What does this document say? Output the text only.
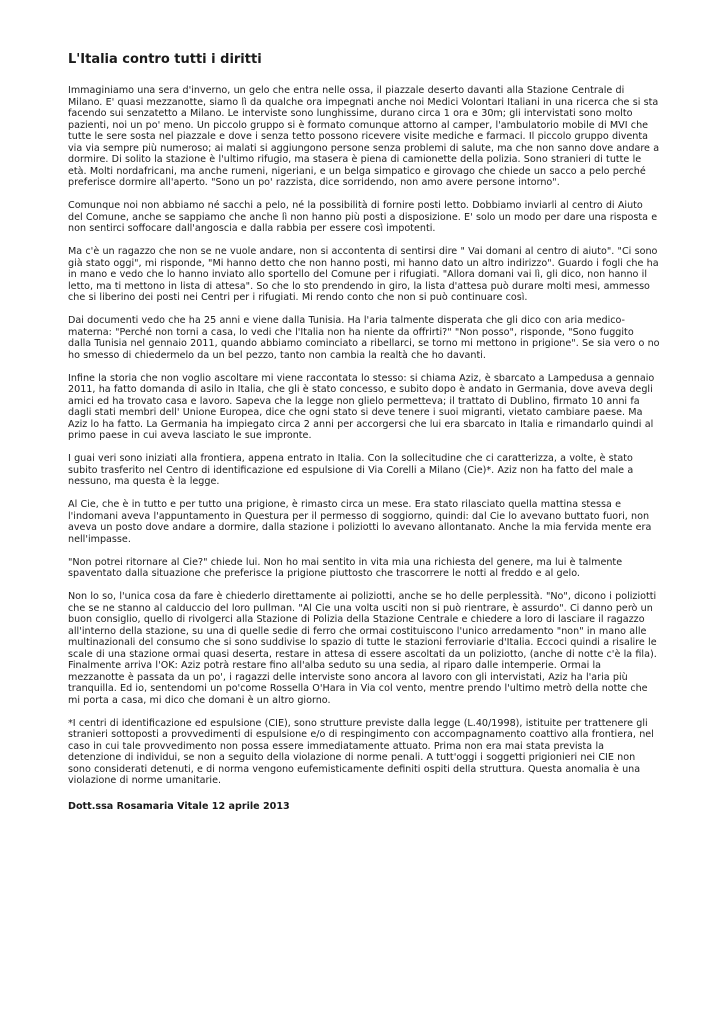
L'Italia contro tutti i diritti

Immaginiamo una sera d'inverno, un gelo che entra nelle ossa, il piazzale deserto davanti alla Stazione Centrale di Milano. E' quasi mezzanotte, siamo lì da qualche ora impegnati anche noi Medici Volontari Italiani in una ricerca che si sta facendo sui senzatetto a Milano. Le interviste sono lunghissime, durano circa 1 ora e 30m; gli intervistati sono molto pazienti, noi un po' meno. Un piccolo gruppo si è formato comunque attorno al camper, l'ambulatorio mobile di MVI che tutte le sere sosta nel piazzale e dove i senza tetto possono ricevere visite mediche e farmaci. Il piccolo gruppo diventa via via sempre più numeroso; ai malati si aggiungono persone senza problemi di salute, ma che non sanno dove andare a dormire. Di solito la stazione è l'ultimo rifugio, ma stasera è piena di camionette della polizia. Sono stranieri di tutte le età. Molti nordafricani, ma anche rumeni, nigeriani, e un belga simpatico e girovago che chiede un sacco a pelo perché preferisce dormire all'aperto. "Sono un po' razzista, dice sorridendo, non amo avere persone intorno".

Comunque noi non abbiamo né sacchi a pelo, né la possibilità di fornire posti letto. Dobbiamo inviarli al centro di Aiuto del Comune, anche se sappiamo che anche lì non hanno più posti a disposizione. E' solo un modo per dare una risposta e non sentirci soffocare dall'angoscia e dalla rabbia per essere così impotenti.

Ma c'è un ragazzo che non se ne vuole andare, non si accontenta di sentirsi dire " Vai domani al centro di aiuto". "Ci sono già stato oggi", mi risponde, "Mi hanno detto che non hanno posti, mi hanno dato un altro indirizzo". Guardo i fogli che ha in mano e vedo che lo hanno inviato allo sportello del Comune per i rifugiati. "Allora domani vai lì, gli dico, non hanno il letto, ma ti mettono in lista di attesa". So che lo sto prendendo in giro, la lista d'attesa può durare molti mesi, ammesso che si liberino dei posti nei Centri per i rifugiati. Mi rendo conto che non si può continuare così.

Dai documenti vedo che ha 25 anni e viene dalla Tunisia. Ha l'aria talmente disperata che gli dico con aria medico-materna: "Perché non torni a casa, lo vedi che l'Italia non ha niente da offrirti?" "Non posso", risponde, "Sono fuggito dalla Tunisia nel gennaio 2011, quando abbiamo cominciato a ribellarci, se torno mi mettono in prigione". Se sia vero o no ho smesso di chiedermelo da un bel pezzo, tanto non cambia la realtà che ho davanti.

Infine la storia che non voglio ascoltare mi viene raccontata lo stesso: si chiama Aziz, è sbarcato a Lampedusa a gennaio 2011, ha fatto domanda di asilo in Italia, che gli è stato concesso, e subito dopo è andato in Germania, dove aveva degli amici ed ha trovato casa e lavoro. Sapeva che la legge non glielo permetteva; il trattato di Dublino, firmato 10 anni fa dagli stati membri dell' Unione Europea, dice che ogni stato si deve tenere i suoi migranti, vietato cambiare paese. Ma Aziz lo ha fatto. La Germania ha impiegato circa 2 anni per accorgersi che lui era sbarcato in Italia e rimandarlo quindi al primo paese in cui aveva lasciato le sue impronte.

I guai veri sono iniziati alla frontiera, appena entrato in Italia. Con la sollecitudine che ci caratterizza, a volte, è stato subito trasferito nel Centro di identificazione ed espulsione di Via Corelli a Milano (Cie)*. Aziz non ha fatto del male a nessuno, ma questa è la legge.

Al Cie, che è in tutto e per tutto una prigione, è rimasto circa un mese. Era stato rilasciato quella mattina stessa e l'indomani aveva l'appuntamento in Questura per il permesso di soggiorno, quindi: dal Cie lo avevano buttato fuori, non aveva un posto dove andare a dormire, dalla stazione i poliziotti lo avevano allontanato. Anche la mia fervida mente era nell'impasse.

"Non potrei ritornare al Cie?" chiede lui. Non ho mai sentito in vita mia una richiesta del genere, ma lui è talmente spaventato dalla situazione che preferisce la prigione piuttosto che trascorrere le notti al freddo e al gelo.

Non lo so, l'unica cosa da fare è chiederlo direttamente ai poliziotti, anche se ho delle perplessità. "No", dicono i poliziotti che se ne stanno al calduccio del loro pullman. "Al Cie una volta usciti non si può rientrare, è assurdo". Ci danno però un buon consiglio, quello di rivolgerci alla Stazione di Polizia della Stazione Centrale e chiedere a loro di lasciare il ragazzo all'interno della stazione, su una di quelle sedie di ferro che ormai costituiscono l'unico arredamento "non" in mano alle multinazionali del consumo che si sono suddivise lo spazio di tutte le stazioni ferroviarie d'Italia. Eccoci quindi a risalire le scale di una stazione ormai quasi deserta, restare in attesa di essere ascoltati da un poliziotto, (anche di notte c'è la fila). Finalmente arriva l'OK: Aziz potrà restare fino all'alba seduto su una sedia, al riparo dalle intemperie. Ormai la mezzanotte è passata da un po', i ragazzi delle interviste sono ancora al lavoro con gli intervistati, Aziz ha l'aria più tranquilla. Ed io, sentendomi un po'come Rossella O'Hara in Via col vento, mentre prendo l'ultimo metrò della notte che mi porta a casa, mi dico che domani è un altro giorno.

*I centri di identificazione ed espulsione (CIE), sono strutture previste dalla legge (L.40/1998), istituite per trattenere gli stranieri sottoposti a provvedimenti di espulsione e/o di respingimento con accompagnamento coattivo alla frontiera, nel caso in cui tale provvedimento non possa essere immediatamente attuato. Prima non era mai stata prevista la detenzione di individui, se non a seguito della violazione di norme penali. A tutt'oggi i soggetti prigionieri nei CIE non sono considerati detenuti, e di norma vengono eufemisticamente definiti ospiti della struttura. Questa anomalia è una violazione di norme umanitarie.

Dott.ssa Rosamaria Vitale 12 aprile 2013
